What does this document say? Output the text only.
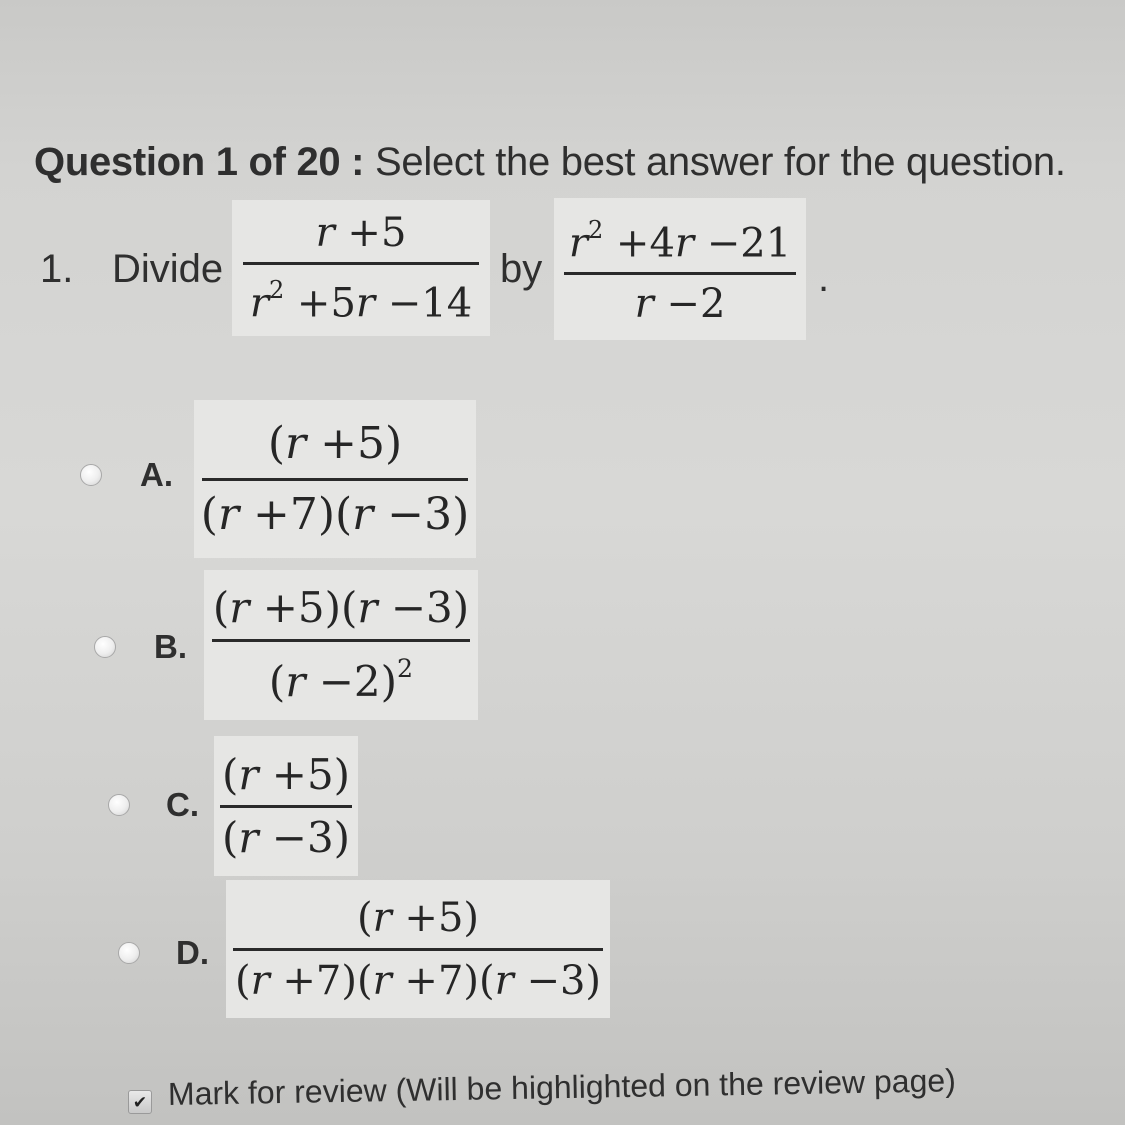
Question 1 of 20 : Select the best answer for the question.
1. Divide
r +5
$r^2 +5r -14$
by
$r^2 +4r -21$
r −2
.
A.
(r +5)
(r +7)(r −3)
B.
(r +5)(r −3)
$(r -2)^2$
C.
(r +5)
(r −3)
D.
(r +5)
(r +7)(r +7)(r −3)
✔ Mark for review (Will be highlighted on the review page)
